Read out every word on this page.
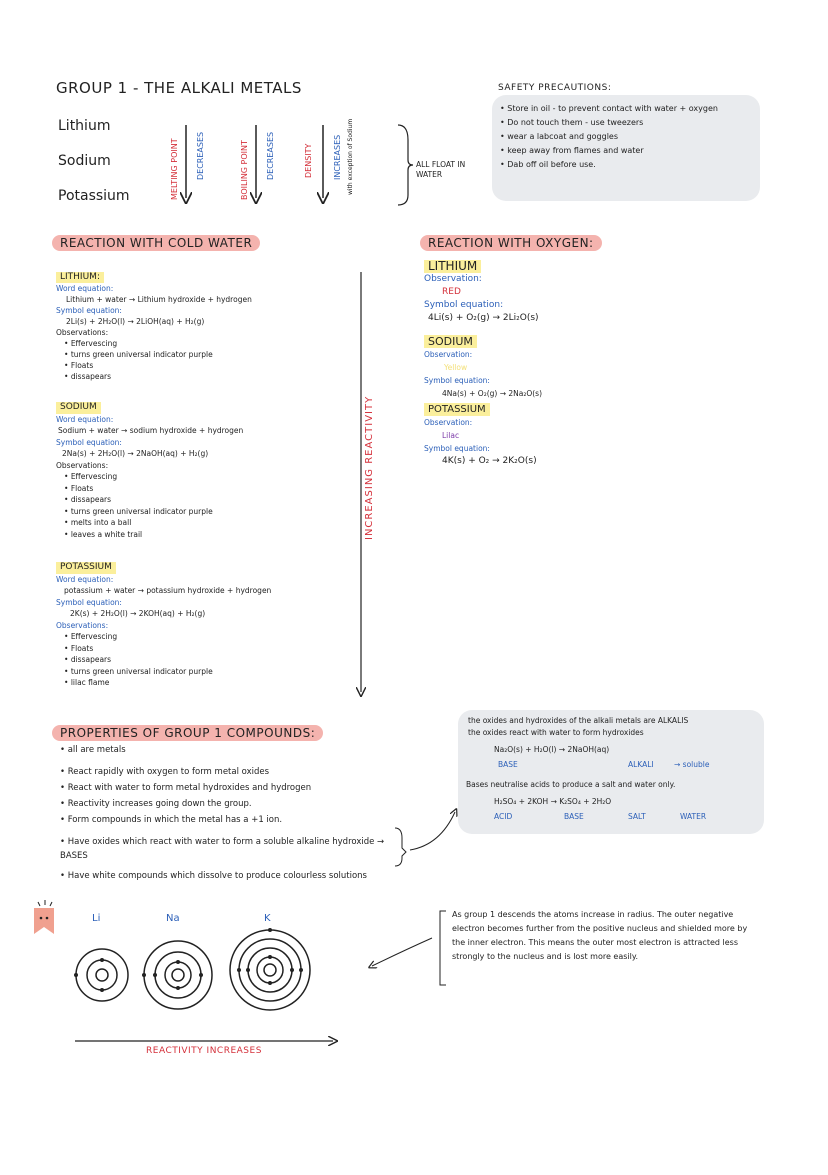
GROUP 1 - THE ALKALI METALS
Lithium
Sodium
Potassium	MELTING POINT DECREASES	BOILING POINT DECREASES	DENSITY	INCREASES with exception of Sodium	ALL FLOAT IN WATER
SAFETY PRECAUTIONS:
• Store in oil - to prevent contact with water + oxygen
• Do not touch them - use tweezers
• wear a labcoat and goggles
• keep away from flames and water
• Dab off oil before use.
REACTION WITH COLD WATER
INCREASING REACTIVITY
LITHIUM:
Word equation:
Lithium + water → Lithium hydroxide + hydrogen
Symbol equation:
2Li(s) + 2H₂O(l) → 2LiOH(aq) + H₂(g)
Observations:
• Effervescing
• turns green universal indicator purple
• Floats
• dissapears
SODIUM
Word equation:
Sodium + water → sodium hydroxide + hydrogen
Symbol equation:
2Na(s) + 2H₂O(l) → 2NaOH(aq) + H₂(g)
Observations:
• Effervescing
• Floats
• dissapears
• turns green universal indicator purple
• melts into a ball
• leaves a white trail
POTASSIUM
Word equation:
potassium + water → potassium hydroxide + hydrogen
Symbol equation:
2K(s) + 2H₂O(l) → 2KOH(aq) + H₂(g)
Observations:
• Effervescing
• Floats
• dissapears
• turns green universal indicator purple
• lilac flame
REACTION WITH OXYGEN:
LITHIUM
Observation:
RED
Symbol equation:
4Li(s) + O₂(g) → 2Li₂O(s)
SODIUM
Observation:
Yellow
Symbol equation:
4Na(s) + O₂(g) → 2Na₂O(s)
POTASSIUM
Observation:
Lilac
Symbol equation:
4K(s) + O₂ → 2K₂O(s)
PROPERTIES OF GROUP 1 COMPOUNDS:
• all are metals
• React rapidly with oxygen to form metal oxides
• React with water to form metal hydroxides and hydrogen
• Reactivity increases going down the group.
• Form compounds in which the metal has a +1 ion.
• Have oxides which react with water to form a soluble alkaline hydroxide → BASES
• Have white compounds which dissolve to produce colourless solutions
the oxides and hydroxides of the alkali metals are ALKALIS
the oxides react with water to form hydroxides
Na₂O(s) + H₂O(l) → 2NaOH(aq)
BASE	ALKALI	→ soluble
Bases neutralise acids to produce a salt and water only.
H₂SO₄ + 2KOH → K₂SO₄ + 2H₂O
ACID	BASE	SALT	WATER
Li	Na	K
REACTIVITY INCREASES
As group 1 descends the atoms increase in radius. The outer negative electron becomes further from the positive nucleus and shielded more by the inner electron. This means the outer most electron is attracted less strongly to the nucleus and is lost more easily.
